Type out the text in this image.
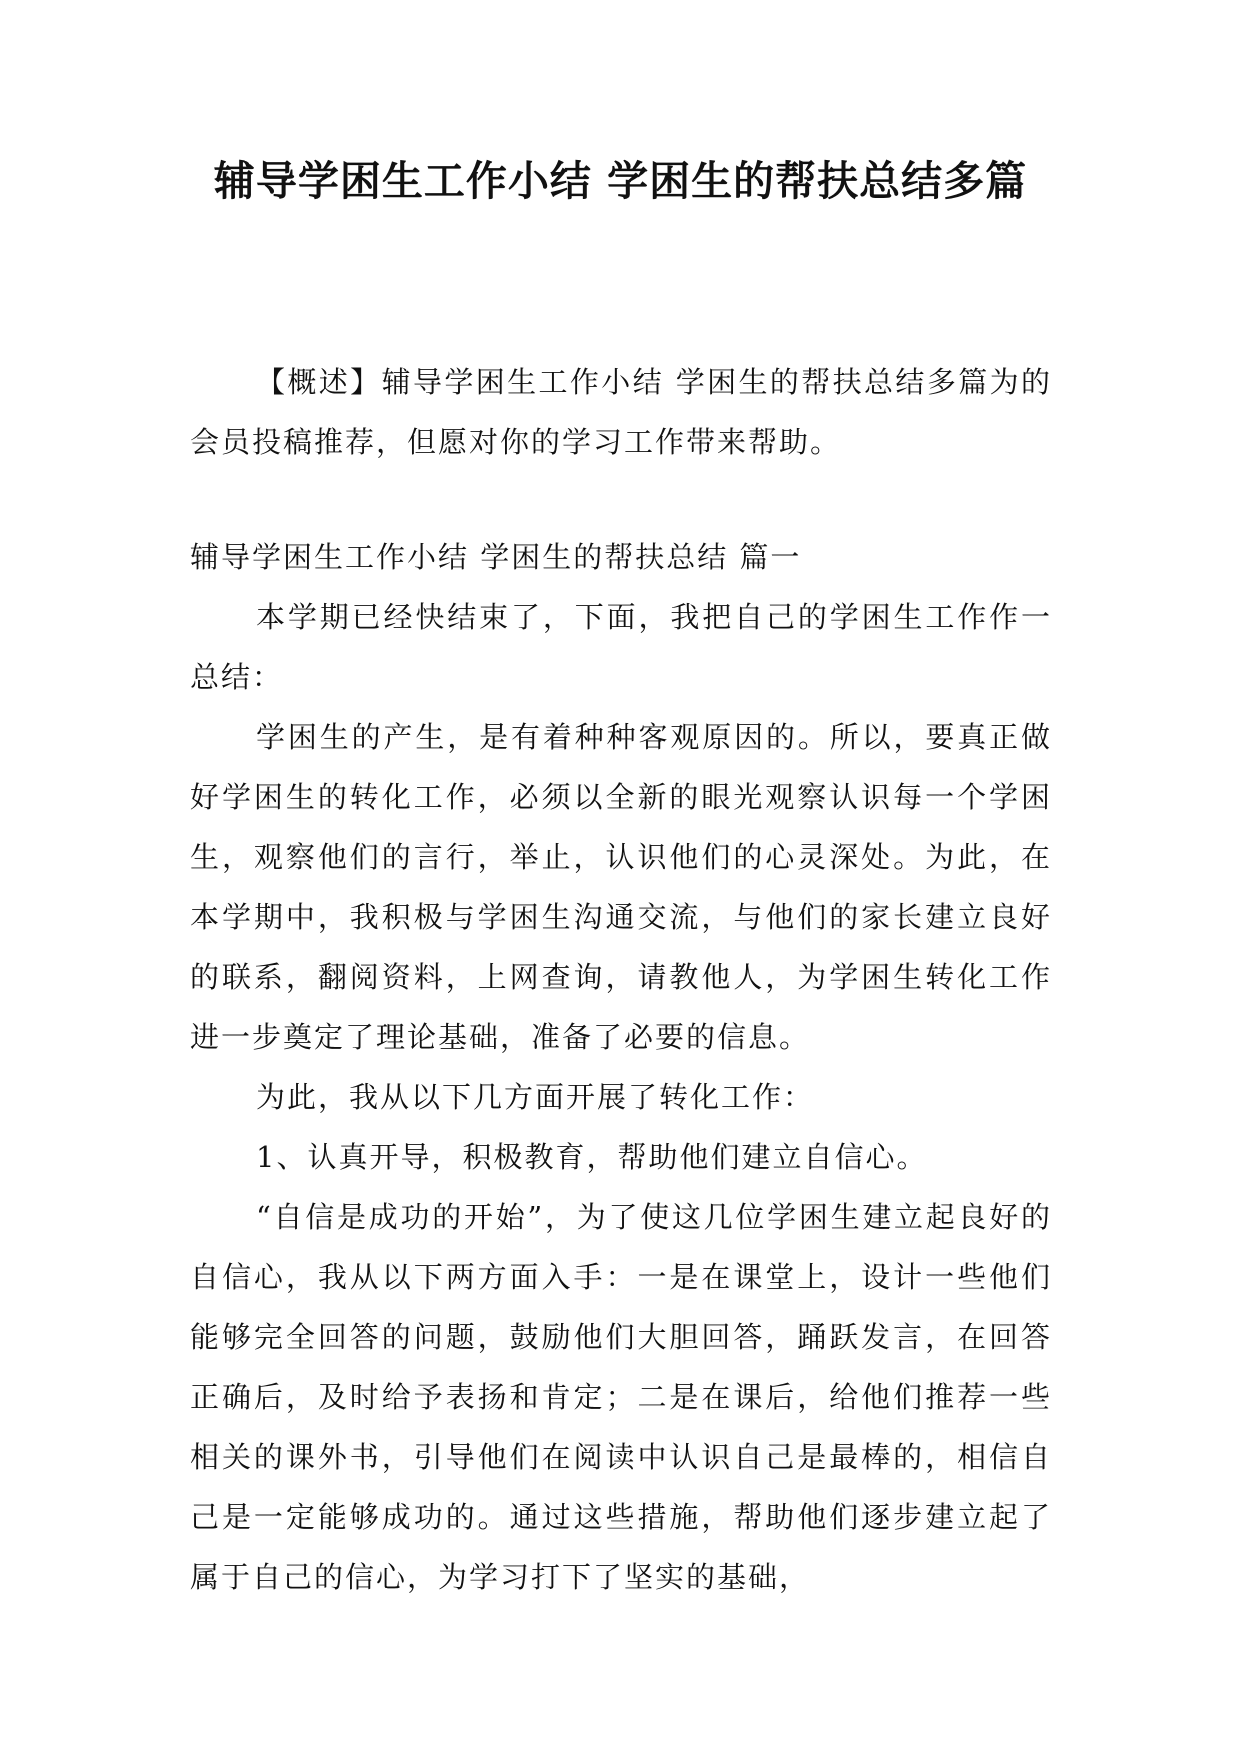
辅导学困生工作小结 学困生的帮扶总结多篇

【概述】辅导学困生工作小结 学困生的帮扶总结多篇为的会员投稿推荐，但愿对你的学习工作带来帮助。

辅导学困生工作小结 学困生的帮扶总结 篇一

本学期已经快结束了，下面，我把自己的学困生工作作一总结：

学困生的产生，是有着种种客观原因的。所以，要真正做好学困生的转化工作，必须以全新的眼光观察认识每一个学困生，观察他们的言行，举止，认识他们的心灵深处。为此，在本学期中，我积极与学困生沟通交流，与他们的家长建立良好的联系，翻阅资料，上网查询，请教他人，为学困生转化工作进一步奠定了理论基础，准备了必要的信息。

为此，我从以下几方面开展了转化工作：

1、认真开导，积极教育，帮助他们建立自信心。

“自信是成功的开始”，为了使这几位学困生建立起良好的自信心，我从以下两方面入手：一是在课堂上，设计一些他们能够完全回答的问题，鼓励他们大胆回答，踊跃发言，在回答正确后，及时给予表扬和肯定；二是在课后，给他们推荐一些相关的课外书，引导他们在阅读中认识自己是最棒的，相信自己是一定能够成功的。通过这些措施，帮助他们逐步建立起了属于自己的信心，为学习打下了坚实的基础，
